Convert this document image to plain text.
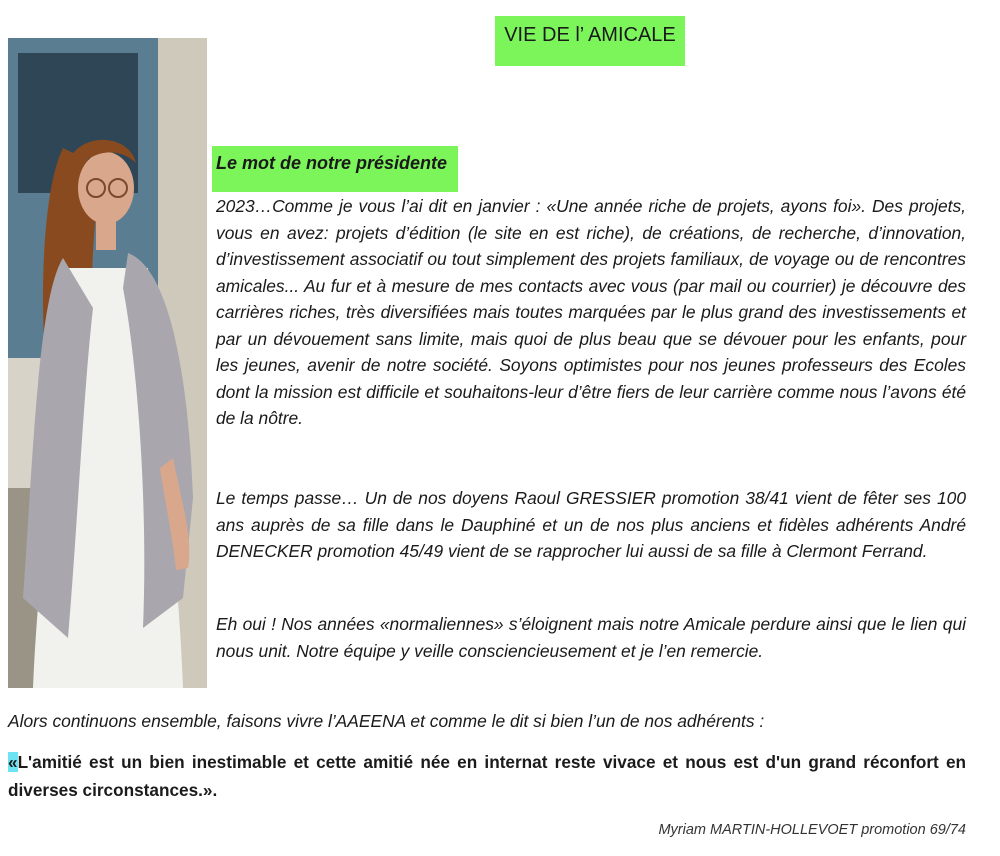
VIE DE l’ AMICALE
Le mot de notre présidente

2023…Comme je vous l’ai dit en janvier : «Une année riche de projets, ayons foi». Des projets, vous en avez: projets d’édition (le site en est riche), de créations, de recherche, d’innovation, d’investissement associatif ou tout simplement des projets familiaux, de voyage ou de rencontres amicales... Au fur et à mesure de mes contacts avec vous (par mail ou courrier) je découvre des carrières riches, très diversifiées mais toutes marquées par le plus grand des investissements et par un dévouement sans limite, mais quoi de plus beau que se dévouer pour les enfants, pour les jeunes, avenir de notre société. Soyons optimistes pour nos jeunes professeurs des Ecoles dont la mission est difficile et souhaitons-leur d’être fiers de leur carrière comme nous l’avons été de la nôtre.

Le temps passe… Un de nos doyens Raoul GRESSIER promotion 38/41 vient de fêter ses 100 ans auprès de sa fille dans le Dauphiné et un de nos plus anciens et fidèles adhérents André DENECKER promotion 45/49 vient de se rapprocher lui aussi de sa fille à Clermont Ferrand.

Eh oui ! Nos années «normaliennes» s’éloignent mais notre Amicale perdure ainsi que le lien qui nous unit. Notre équipe y veille consciencieusement et je l’en remercie.

Alors continuons ensemble, faisons vivre l’AAEENA et comme le dit si bien l’un de nos adhérents :

«L'amitié est un bien inestimable et cette amitié née en internat reste vivace et nous est d'un grand réconfort en diverses circonstances.».

Myriam MARTIN-HOLLEVOET promotion 69/74
